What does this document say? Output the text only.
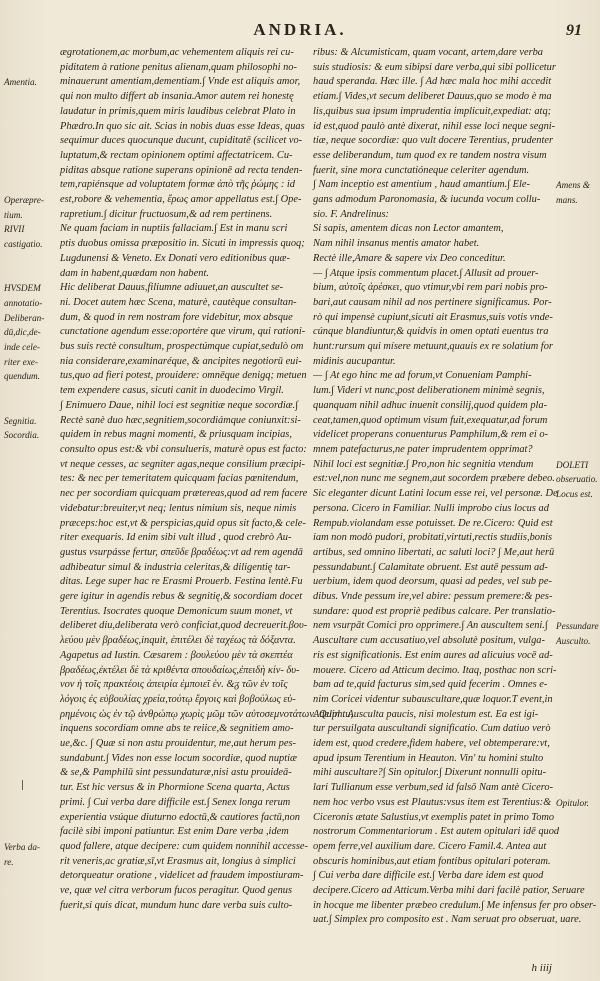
ANDRIA.	91
Amentia.
Operæpre-
tium.
RIVII
castigatio.
HVSDEM
annotatio-
Deliberan-
dū,dic,de-
inde cele-
riter exe-
quendum.
Segnitia.
Socordia.
Verba da-
re.
ægrotationem,ac morbum,ac vehementem aliquis rei cu-
piditatem à ratione penitus alienam,quam philosophi no-
minauerunt amentiam,dementiam.∫ Vnde est aliquis amor,
qui non multo differt ab insania.Amor autem rei honestę
laudatur in primis,quem miris laudibus celebrat Plato in
Phædro.In quo sic ait. Scias in nobis duas esse Ideas, quas
sequimur duces quocunque ducunt, cupiditatē (scilicet vo-
luptatum,& rectam opinionem optimi affectatricem. Cu-
piditas absque ratione superans opinionē ad recta tenden-
tem,rapiénsque ad voluptatem formæ ἀπὸ τῆς ῥώμης : id
est,robore & vehementia, ἔρως amor appellatus est.∫ Ope-
rapretium.∫ dicitur fructuosum,& ad rem pertinens.
Ne quam faciam in nuptiis fallaciam.∫ Est in manu scri
ptis duobus omissa præpositio in. Sicuti in impressis quoq;
Lugdunensi & Veneto. Ex Donati vero editionibus quæ-
dam in habent,quædam non habent.
Hic deliberat Dauus,filiumne adiuuet,an auscultet se-
ni. Docet autem hæc Scena, maturè, cautèque consultan-
dum, & quod in rem nostram fore videbitur, mox absque
cunctatione agendum esse:oportére que virum, qui rationi-
bus suis rectè consultum, prospectúmque cupiat,sedulò om
nia considerare,examinaréque, & ancipites negotiorū eui-
tus,quo ad fieri potest, prouidere: omnēque denigq; metuen
tem expendere casus, sicuti canit in duodecimo Virgil.
∫ Enimuero Daue, nihil loci est segnitiæ neque socordiæ.∫
Rectè sanè duo hæc,segnitiem,socordiámque coniunxit:si-
quidem in rebus magni momenti, & priusquam incipias,
consulto opus est:& vbi consulueris, maturè opus est facto:
vt neque cesses, ac segniter agas,neque consilium præcipi-
tes: & nec per temeritatem quicquam facias pœnitendum,
nec per socordiam quicquam prætereas,quod ad rem facere
videbatur:breuiter,vt neq; lentus nimium sis, neque nimis
præceps:hoc est,vt & perspicias,quid opus sit facto,& cele-
riter exequaris. Id enim sibi vult illud , quod crebrò Au-
gustus vsurpásse fertur, σπεῦδε βραδέως:vt ad rem agendā
adhibeatur simul & industria celeritas,& diligentię tar-
ditas. Lege super hac re Erasmi Prouerb. Festina lentè.Fu
gere igitur in agendis rebus & segnitię,& socordiam docet
Terentius. Isocrates quoque Demonicum suum monet, vt
deliberet diu,deliberata verò conficiat,quod decreuerit.βου-
λεύου μὲν βραδέως,inquit, ἐπιτέλει δὲ ταχέως τὰ δόξαντα.
Agapetus ad Iustin. Cæsarem : βουλεύου μὲν τὰ σκεπτέα
βραδέως,ἐκτέλει δὲ τὰ κριθέντα σπουδαίως,ἐπειδὴ κίν- δυ-
νον ἡ τοῖς πρακτέοις ἀπειρία ἐμποιεῖ ἐν. &ᵹ τῶν ἐν τοῖς
λόγοις ἐς εὐβουλίας χρεία,τούτῳ ἔργοις καὶ βοβούλως εὐ-
ρημένοις ὡς ἐν τῷ ἀνθρώπῳ χωρὶς μῶμ τῶν αὐτοσεμνοτάτων. Quin tu,
inquens socordiam omne abs te reiice,& segnitiem amo-
ue,&c. ∫ Quæ si non astu prouidentur, me,aut herum pes-
sundabunt.∫ Vides non esse locum socordiæ, quod nuptiæ
& se,& Pamphilū sint pessundaturæ,nisi astu prouideā-
tur. Est hic versus & in Phormione Scena quarta, Actus
primi. ∫ Cui verba dare difficile est.∫ Senex longa rerum
experientia vsúque diuturno edoctū,& cautiores factū,non
facilè sibi imponi patiuntur. Est enim Dare verba ,idem
quod fallere, atque decipere: cum quidem nonnihil accesse-
rit veneris,ac gratiæ,sī,vt Erasmus ait, longius à simplici
detorqueatur oratione , videlicet ad fraudem impostiuram-
ve, quæ vel citra verborum fucos peragitur. Quod genus
fuerit,si quis dicat, mundum hunc dare verba suis culto-
ribus: & Alcumisticam, quam vocant, artem,dare verba
suis studiosis: & eum sibipsi dare verba,qui sibi pollicetur
haud speranda. Hæc ille. ∫ Ad hæc mala hoc mihi accedit
etiam.∫ Vides,vt secum deliberet Dauus,quo se modo è ma
lis,quibus sua ipsum imprudentia implicuit,expediat: atq;
id est,quod paulò antè dixerat, nihil esse loci neque segni-
tiæ, neque socordiæ: quo vult docere Terentius, prudenter
esse deliberandum, tum quod ex re tandem nostra visum
fuerit, sine mora cunctatióneque celeriter agendum.
∫ Nam inceptio est amentium , haud amantium.∫ Ele-
gans admodum Paronomasia, & iucunda vocum collu-
sio. F. Andrelinus:
Si sapis, amentem dicas non Lector amantem,
Nam nihil insanus mentis amator habet.
Rectè ille,Amare & sapere vix Deo conceditur.
— ∫ Atque ipsis commentum placet.∫ Allusit ad prouer-
bium, αὐτοῖς ἀρέσκει, quo vtimur,vbi rem pari nobis pro-
bari,aut causam nihil ad nos pertinere significamus. Por-
rò qui impensè cupiunt,sicuti ait Erasmus,suis votis vnde-
cúnque blandiuntur,& quidvis in omen optati euentus tra
hunt:rursum qui mísere metuunt,quauis ex re solatium for
midinis aucupantur.
— ∫ At ego hinc me ad forum,vt Conueniam Pamphi-
lum.∫ Videri vt nunc,post deliberationem minimè segnis,
quanquam nihil adhuc inuenit consilij,quod quidem pla-
ceat,tamen,quod optimum visum fuit,exequatur,ad forum
videlicet properans conuenturus Pamphilum,& rem ei o-
mnem patefacturus,ne pater imprudentem opprimat?
Nihil loci est segnitiæ.∫ Pro,non hic segnitia vtendum
est:vel,non nunc me segnem,aut socordem præbere debeo.
Sic eleganter dicunt Latini locum esse rei, vel personæ. De
persona. Cicero in Familiar. Nulli improbo cius locus ad
Rempub.violandam esse potuisset. De re.Cicero: Quid est
iam non modò pudori, probitati,virtuti,rectis studiis,bonis
artibus, sed omnino libertati, ac saluti loci? ∫ Me,aut herū
pessundabunt.∫ Calamitate obruent. Est autē pessum ad-
uerbium, idem quod deorsum, quasi ad pedes, vel sub pe-
dibus. Vnde pessum ire,vel abire: pessum premere:& pes-
sundare: quod est propriè pedibus calcare. Per translatio-
nem vsurpāt Comici pro opprimere.∫ An auscultem seni.∫
Auscultare cum accusatiuo,vel absolutè positum, vulga-
ris est significationis. Est enim aures ad alicuius vocē ad-
mouere. Cicero ad Atticum decimo. Itaq, posthac non scri-
bam ad te,quid facturus sim,sed quid fecerim . Omnes e-
nim Coricei videntur subauscultare,quæ loquor.T event,in
Adelph. Ausculta paucis, nisi molestum est. Ea est igi-
tur persuilgata auscultandi significatio. Cum datiuo verò
idem est, quod credere,fidem habere, vel obtemperare:vt,
apud ipsum Terentium in Heauton. Vin' tu homini stulto
mihi auscultare?∫ Sin opitulor.∫ Dixerunt nonnulli opitu-
lari Tullianum esse verbum,sed id falsō Nam antè Cicero-
nem hoc verbo vsus est Plautus:vsus item est Terentius:&
Ciceronis ætate Salustius,vt exemplis patet in primo Tomo
nostrorum Commentariorum . Est autem opitulari idē quod
opem ferre,vel auxilium dare. Cicero Famil.4. Antea aut
obscuris hominibus,aut etiam fontibus opitulari poteram.
∫ Cui verba dare difficile est.∫ Verba dare idem est quod
decipere.Cicero ad Atticum.Verba mihi dari facilè patior, Seruare
in hocque me libenter præbeo credulum.∫ Me infensus fer pro obser-
uat.∫ Simplex pro composito est . Nam seruat pro obseruat, uare.
Amens &
mans.
DOLETI
obseruatio.
Locus est.
Auscultο.
Pessundare
Opitulor.
h iiij
